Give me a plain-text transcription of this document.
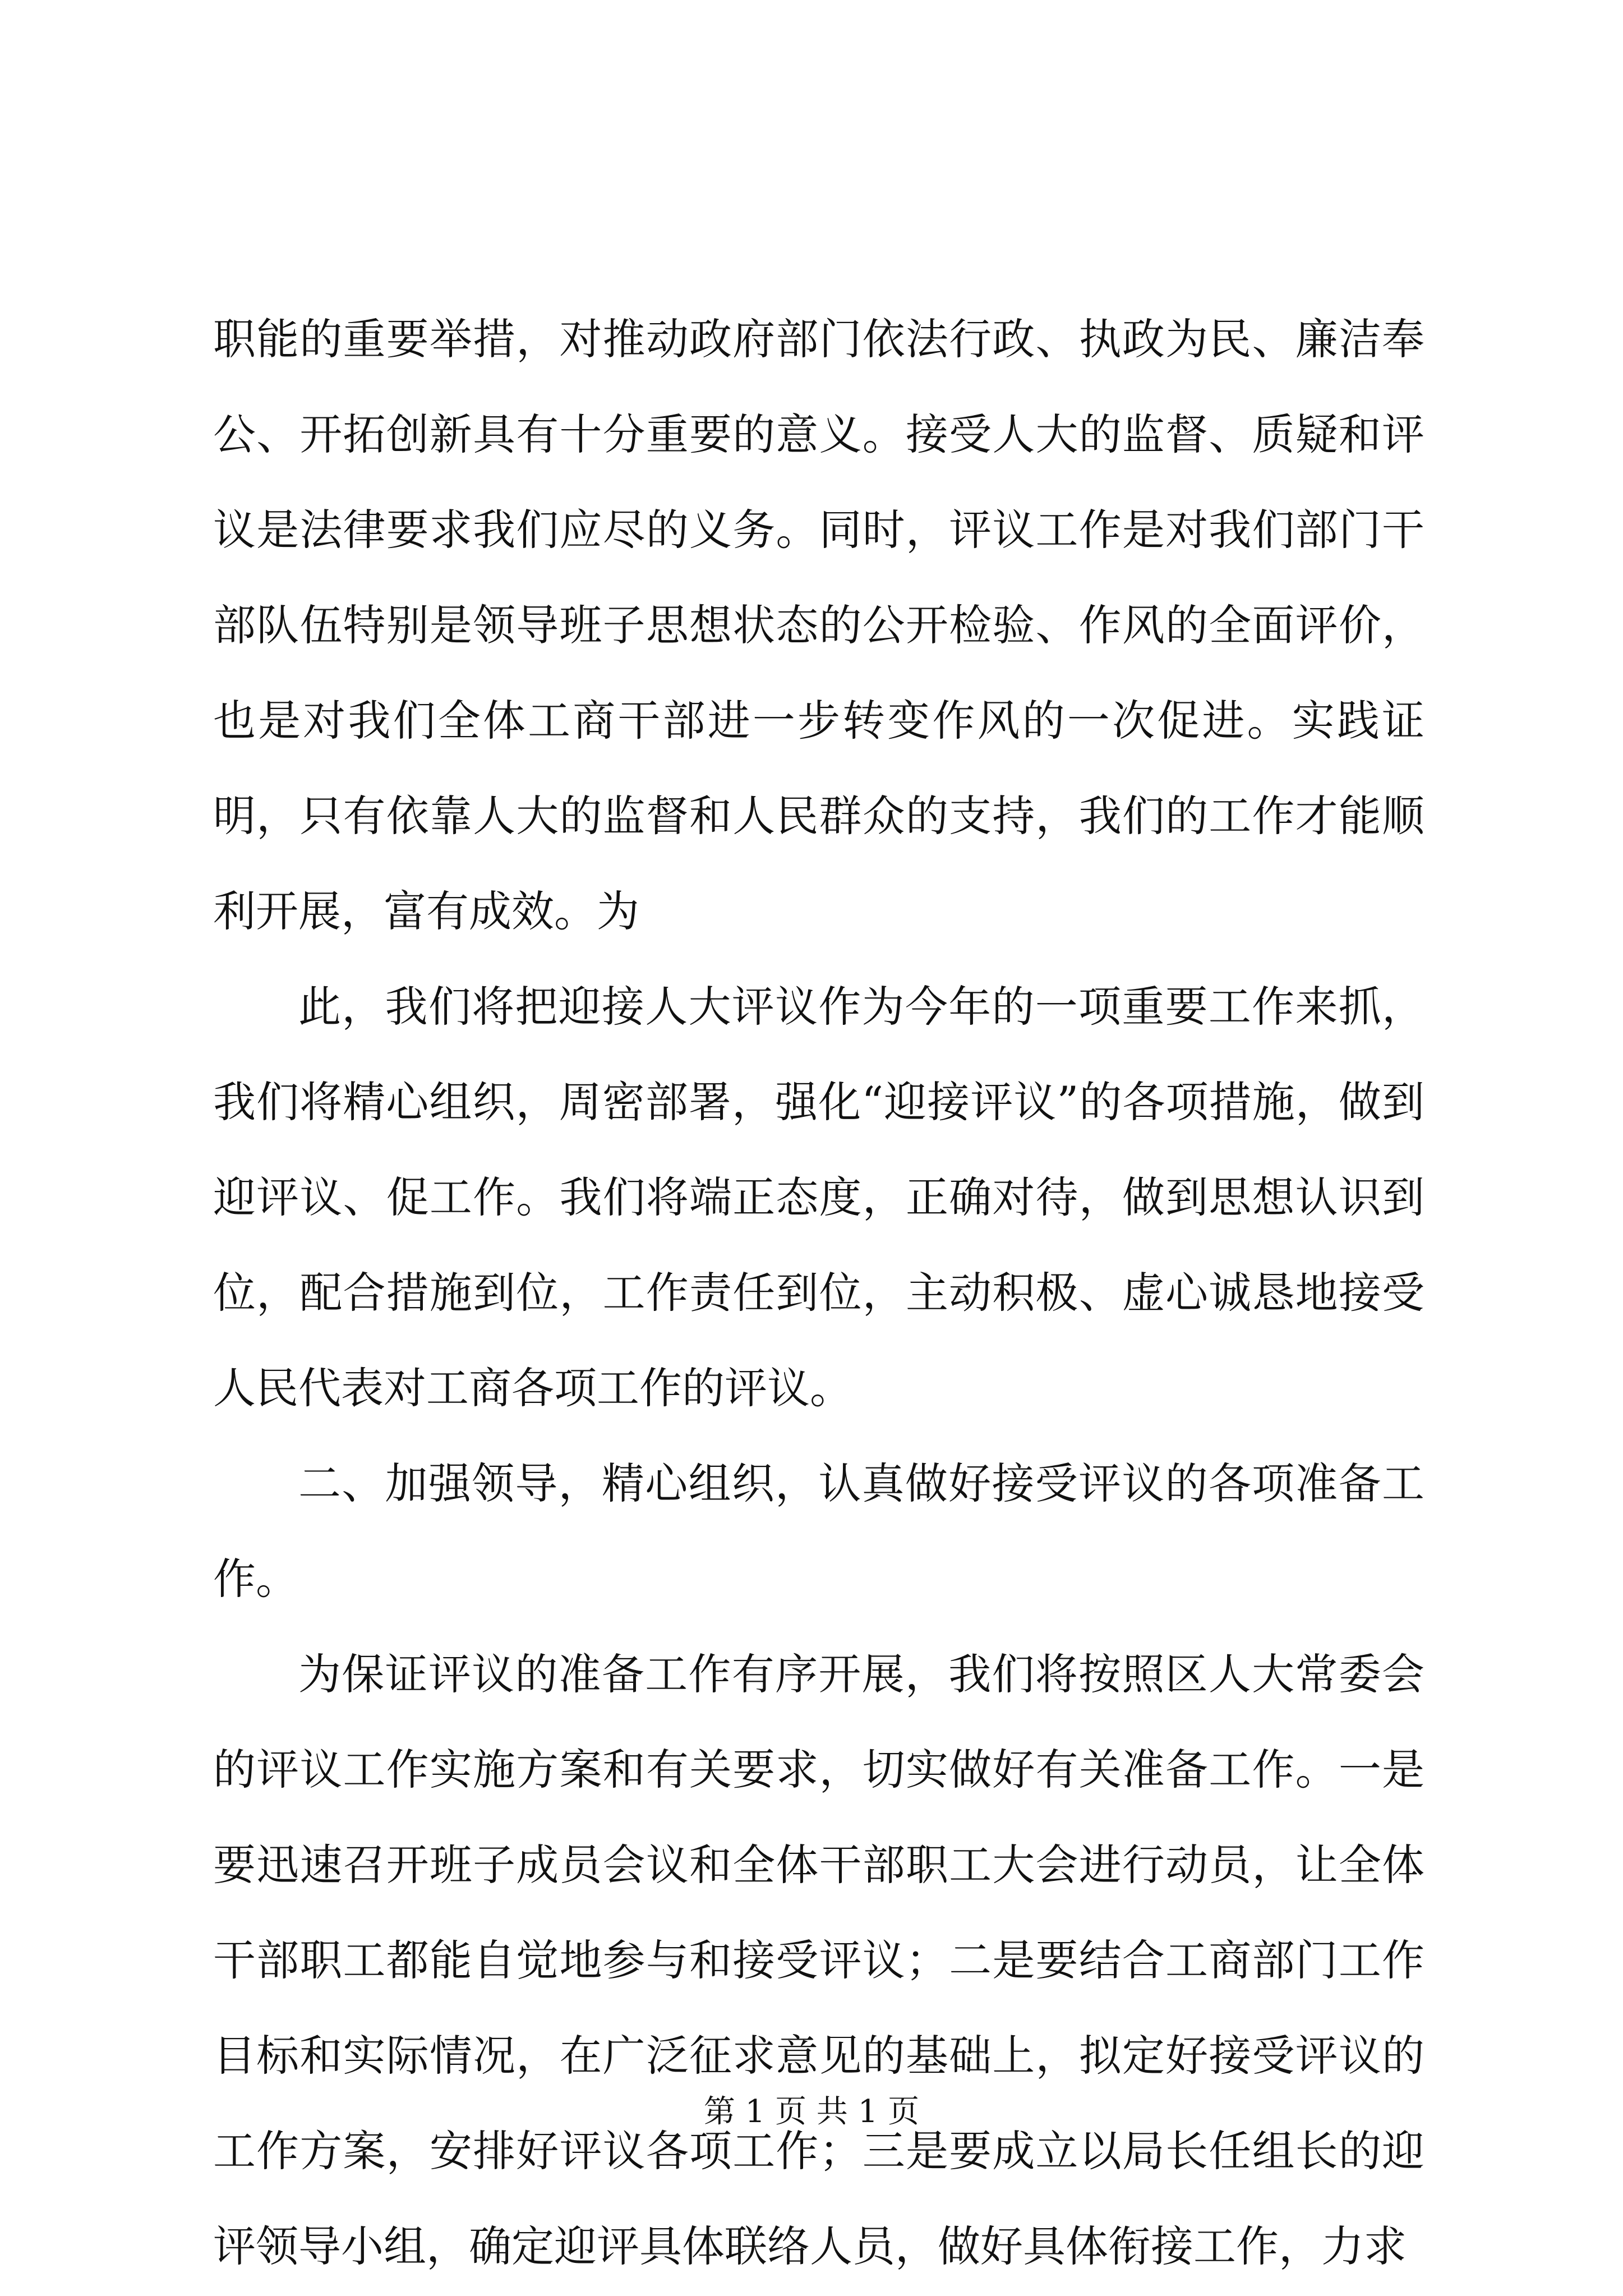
职能的重要举措，对推动政府部门依法行政、执政为民、廉洁奉公、开拓创新具有十分重要的意义。接受人大的监督、质疑和评议是法律要求我们应尽的义务。同时，评议工作是对我们部门干部队伍特别是领导班子思想状态的公开检验、作风的全面评价，也是对我们全体工商干部进一步转变作风的一次促进。实践证明，只有依靠人大的监督和人民群众的支持，我们的工作才能顺利开展，富有成效。为

此，我们将把迎接人大评议作为今年的一项重要工作来抓，我们将精心组织，周密部署，强化“迎接评议”的各项措施，做到迎评议、促工作。我们将端正态度，正确对待，做到思想认识到位，配合措施到位，工作责任到位，主动积极、虚心诚恳地接受人民代表对工商各项工作的评议。

二、加强领导，精心组织，认真做好接受评议的各项准备工作。

为保证评议的准备工作有序开展，我们将按照区人大常委会的评议工作实施方案和有关要求，切实做好有关准备工作。一是要迅速召开班子成员会议和全体干部职工大会进行动员，让全体干部职工都能自觉地参与和接受评议；二是要结合工商部门工作目标和实际情况，在广泛征求意见的基础上，拟定好接受评议的工作方案，安排好评议各项工作；三是要成立以局长任组长的迎评领导小组，确定迎评具体联络人员，做好具体衔接工作，力求

第 1 页 共 1 页
